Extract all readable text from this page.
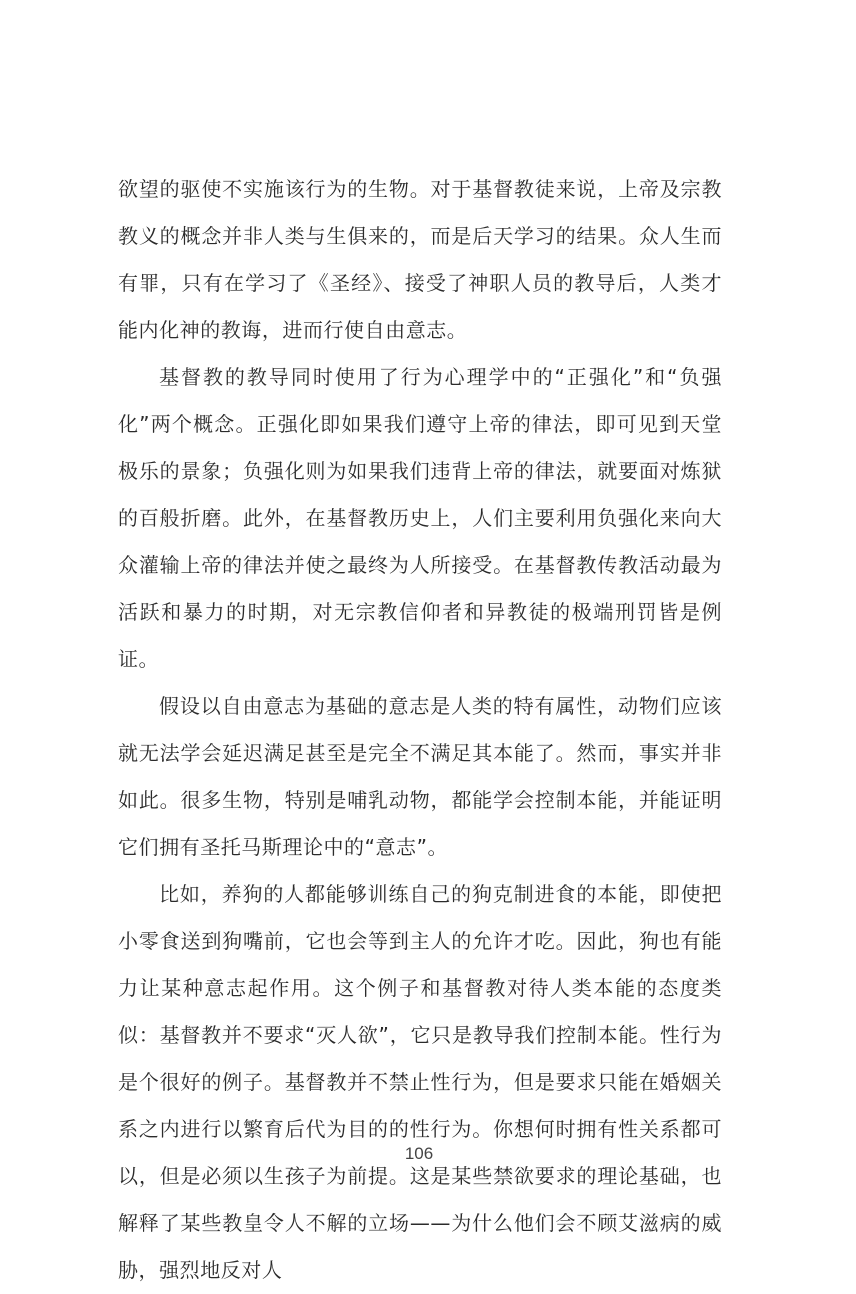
欲望的驱使不实施该行为的生物。对于基督教徒来说，上帝及宗教教义的概念并非人类与生俱来的，而是后天学习的结果。众人生而有罪，只有在学习了《圣经》、接受了神职人员的教导后，人类才能内化神的教诲，进而行使自由意志。

基督教的教导同时使用了行为心理学中的“正强化”和“负强化”两个概念。正强化即如果我们遵守上帝的律法，即可见到天堂极乐的景象；负强化则为如果我们违背上帝的律法，就要面对炼狱的百般折磨。此外，在基督教历史上，人们主要利用负强化来向大众灌输上帝的律法并使之最终为人所接受。在基督教传教活动最为活跃和暴力的时期，对无宗教信仰者和异教徒的极端刑罚皆是例证。

假设以自由意志为基础的意志是人类的特有属性，动物们应该就无法学会延迟满足甚至是完全不满足其本能了。然而，事实并非如此。很多生物，特别是哺乳动物，都能学会控制本能，并能证明它们拥有圣托马斯理论中的“意志”。

比如，养狗的人都能够训练自己的狗克制进食的本能，即使把小零食送到狗嘴前，它也会等到主人的允许才吃。因此，狗也有能力让某种意志起作用。这个例子和基督教对待人类本能的态度类似：基督教并不要求“灭人欲”，它只是教导我们控制本能。性行为是个很好的例子。基督教并不禁止性行为，但是要求只能在婚姻关系之内进行以繁育后代为目的的性行为。你想何时拥有性关系都可以，但是必须以生孩子为前提。这是某些禁欲要求的理论基础，也解释了某些教皇令人不解的立场——为什么他们会不顾艾滋病的威胁，强烈地反对人

106
